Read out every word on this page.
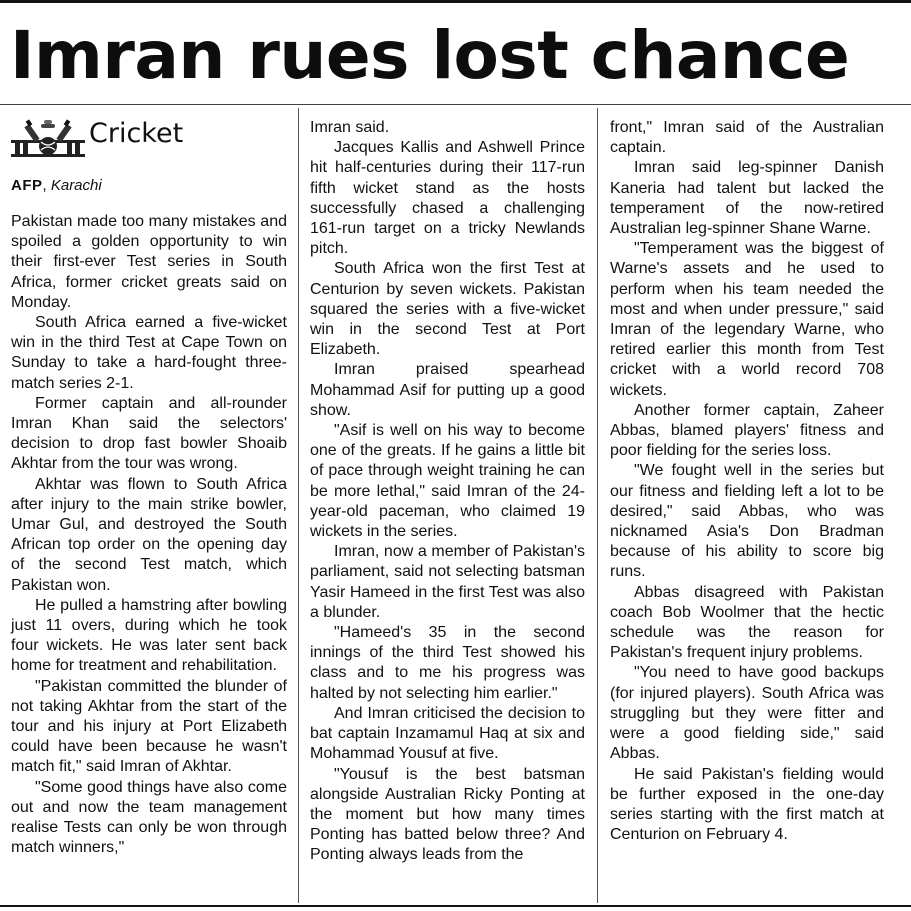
Imran rues lost chance
Cricket
AFP, Karachi

Pakistan made too many mistakes and spoiled a golden opportunity to win their first-ever Test series in South Africa, former cricket greats said on Monday.

South Africa earned a five-wicket win in the third Test at Cape Town on Sunday to take a hard-fought three-match series 2-1.

Former captain and all-rounder Imran Khan said the selectors' decision to drop fast bowler Shoaib Akhtar from the tour was wrong.

Akhtar was flown to South Africa after injury to the main strike bowler, Umar Gul, and destroyed the South African top order on the opening day of the second Test match, which Pakistan won.

He pulled a hamstring after bowling just 11 overs, during which he took four wickets. He was later sent back home for treatment and rehabilitation.

"Pakistan committed the blunder of not taking Akhtar from the start of the tour and his injury at Port Elizabeth could have been because he wasn't match fit," said Imran of Akhtar.

"Some good things have also come out and now the team management realise Tests can only be won through match winners,"

Imran said.

Jacques Kallis and Ashwell Prince hit half-centuries during their 117-run fifth wicket stand as the hosts successfully chased a challenging 161-run target on a tricky Newlands pitch.

South Africa won the first Test at Centurion by seven wickets. Pakistan squared the series with a five-wicket win in the second Test at Port Elizabeth.

Imran praised spearhead Mohammad Asif for putting up a good show.

"Asif is well on his way to become one of the greats. If he gains a little bit of pace through weight training he can be more lethal," said Imran of the 24-year-old paceman, who claimed 19 wickets in the series.

Imran, now a member of Pakistan's parliament, said not selecting batsman Yasir Hameed in the first Test was also a blunder.

"Hameed's 35 in the second innings of the third Test showed his class and to me his progress was halted by not selecting him earlier."

And Imran criticised the decision to bat captain Inzamamul Haq at six and Mohammad Yousuf at five.

"Yousuf is the best batsman alongside Australian Ricky Ponting at the moment but how many times Ponting has batted below three? And Ponting always leads from the

front," Imran said of the Australian captain.

Imran said leg-spinner Danish Kaneria had talent but lacked the temperament of the now-retired Australian leg-spinner Shane Warne.

"Temperament was the biggest of Warne's assets and he used to perform when his team needed the most and when under pressure," said Imran of the legendary Warne, who retired earlier this month from Test cricket with a world record 708 wickets.

Another former captain, Zaheer Abbas, blamed players' fitness and poor fielding for the series loss.

"We fought well in the series but our fitness and fielding left a lot to be desired," said Abbas, who was nicknamed Asia's Don Bradman because of his ability to score big runs.

Abbas disagreed with Pakistan coach Bob Woolmer that the hectic schedule was the reason for Pakistan's frequent injury problems.

"You need to have good backups (for injured players). South Africa was struggling but they were fitter and were a good fielding side," said Abbas.

He said Pakistan's fielding would be further exposed in the one-day series starting with the first match at Centurion on February 4.
